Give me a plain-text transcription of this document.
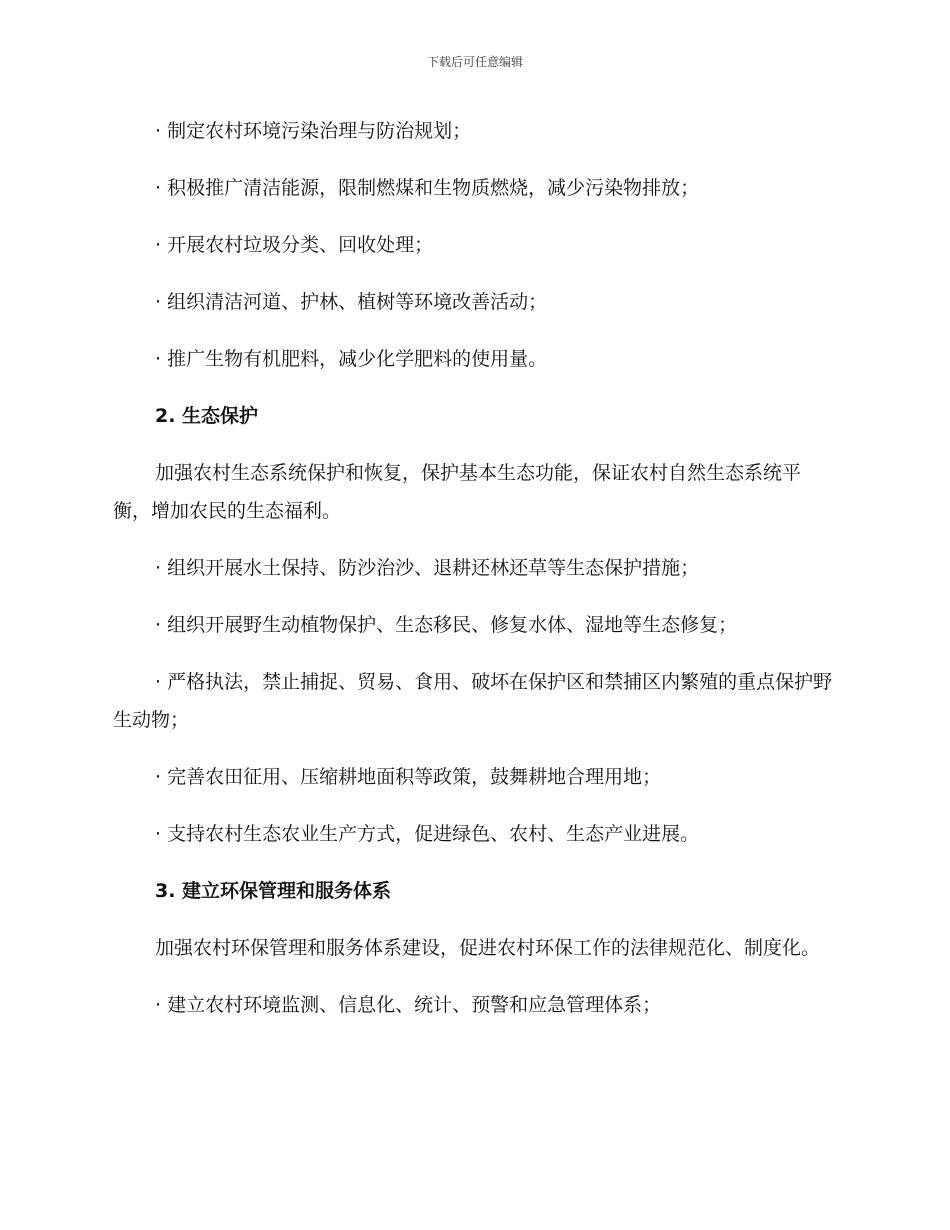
下载后可任意编辑
· 制定农村环境污染治理与防治规划；
· 积极推广清洁能源，限制燃煤和生物质燃烧，减少污染物排放；
· 开展农村垃圾分类、回收处理；
· 组织清洁河道、护林、植树等环境改善活动；
· 推广生物有机肥料，减少化学肥料的使用量。
2. 生态保护
加强农村生态系统保护和恢复，保护基本生态功能，保证农村自然生态系统平衡，增加农民的生态福利。
· 组织开展水土保持、防沙治沙、退耕还林还草等生态保护措施；
· 组织开展野生动植物保护、生态移民、修复水体、湿地等生态修复；
· 严格执法，禁止捕捉、贸易、食用、破坏在保护区和禁捕区内繁殖的重点保护野生动物；
· 完善农田征用、压缩耕地面积等政策，鼓舞耕地合理用地；
· 支持农村生态农业生产方式，促进绿色、农村、生态产业进展。
3. 建立环保管理和服务体系
加强农村环保管理和服务体系建设，促进农村环保工作的法律规范化、制度化。
· 建立农村环境监测、信息化、统计、预警和应急管理体系；
